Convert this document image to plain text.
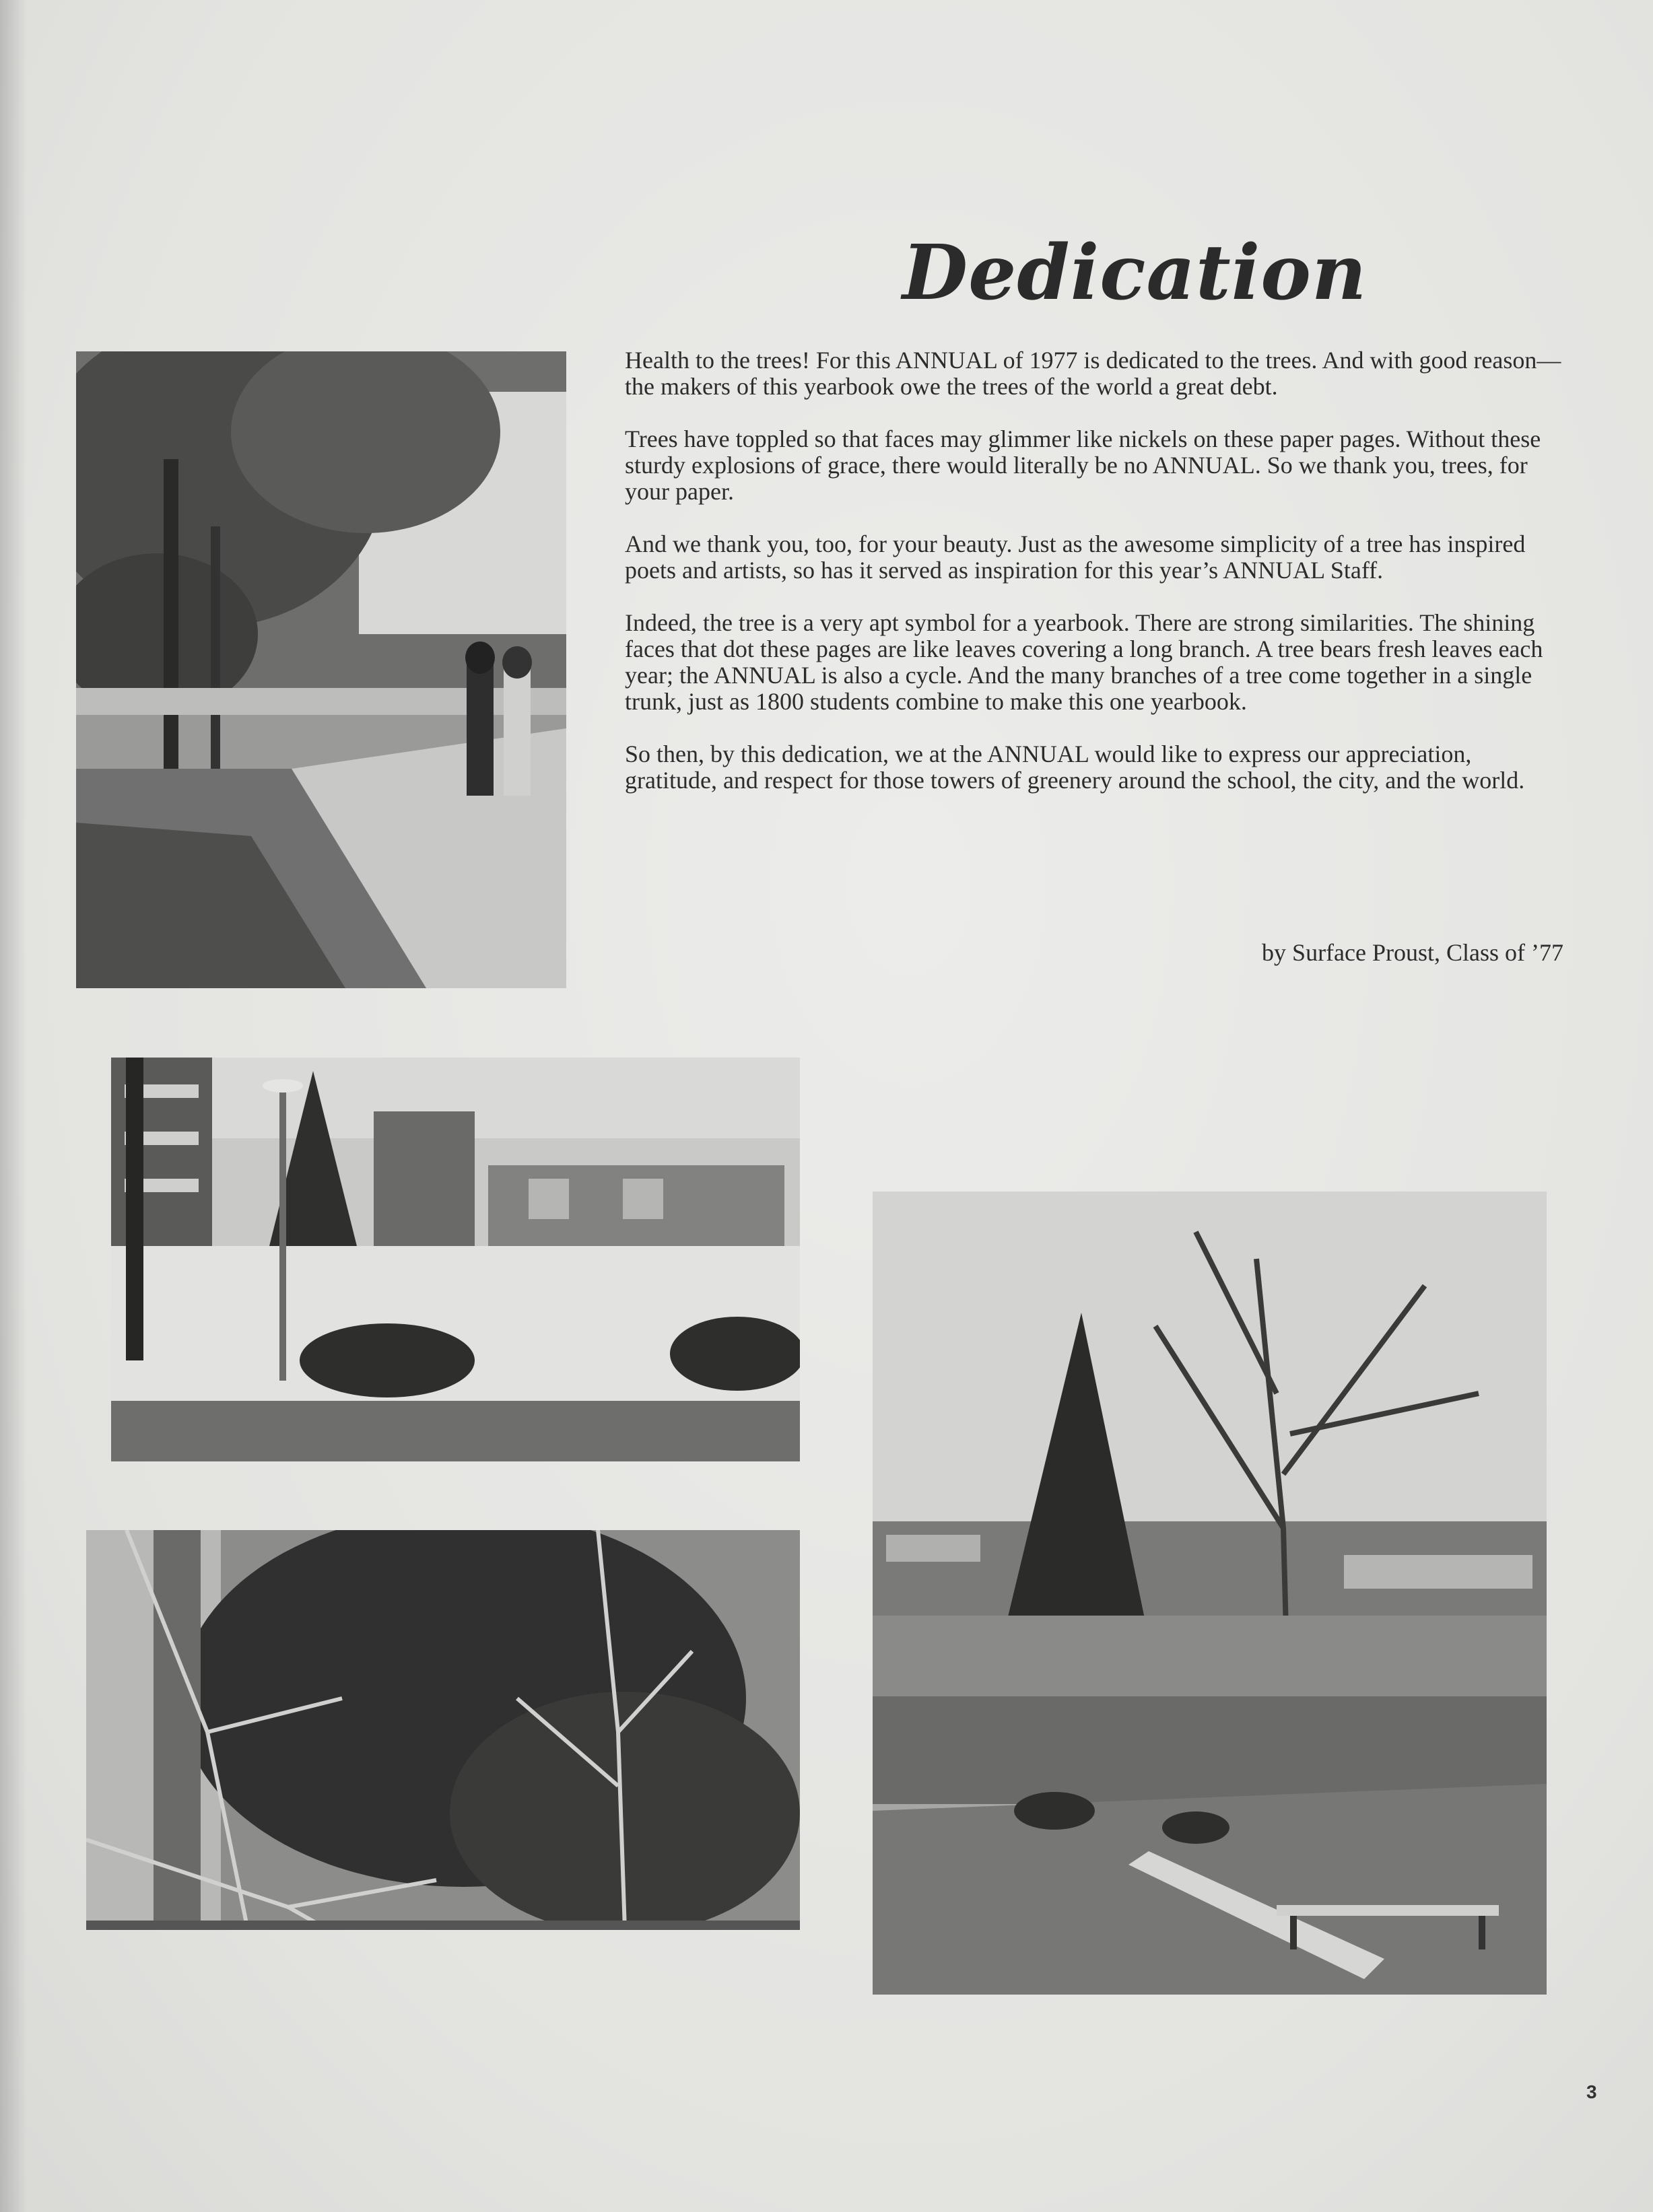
Dedication

Health to the trees! For this ANNUAL of 1977 is dedicated to the trees. And with good reason—the makers of this yearbook owe the trees of the world a great debt.

Trees have toppled so that faces may glimmer like nickels on these paper pages. Without these sturdy explosions of grace, there would literally be no ANNUAL. So we thank you, trees, for your paper.

And we thank you, too, for your beauty. Just as the awesome simplicity of a tree has inspired poets and artists, so has it served as inspiration for this year’s ANNUAL Staff.

Indeed, the tree is a very apt symbol for a yearbook. There are strong similarities. The shining faces that dot these pages are like leaves covering a long branch. A tree bears fresh leaves each year; the ANNUAL is also a cycle. And the many branches of a tree come together in a single trunk, just as 1800 students combine to make this one yearbook.

So then, by this dedication, we at the ANNUAL would like to express our appreciation, gratitude, and respect for those towers of greenery around the school, the city, and the world.

by Surface Proust, Class of ’77
3
